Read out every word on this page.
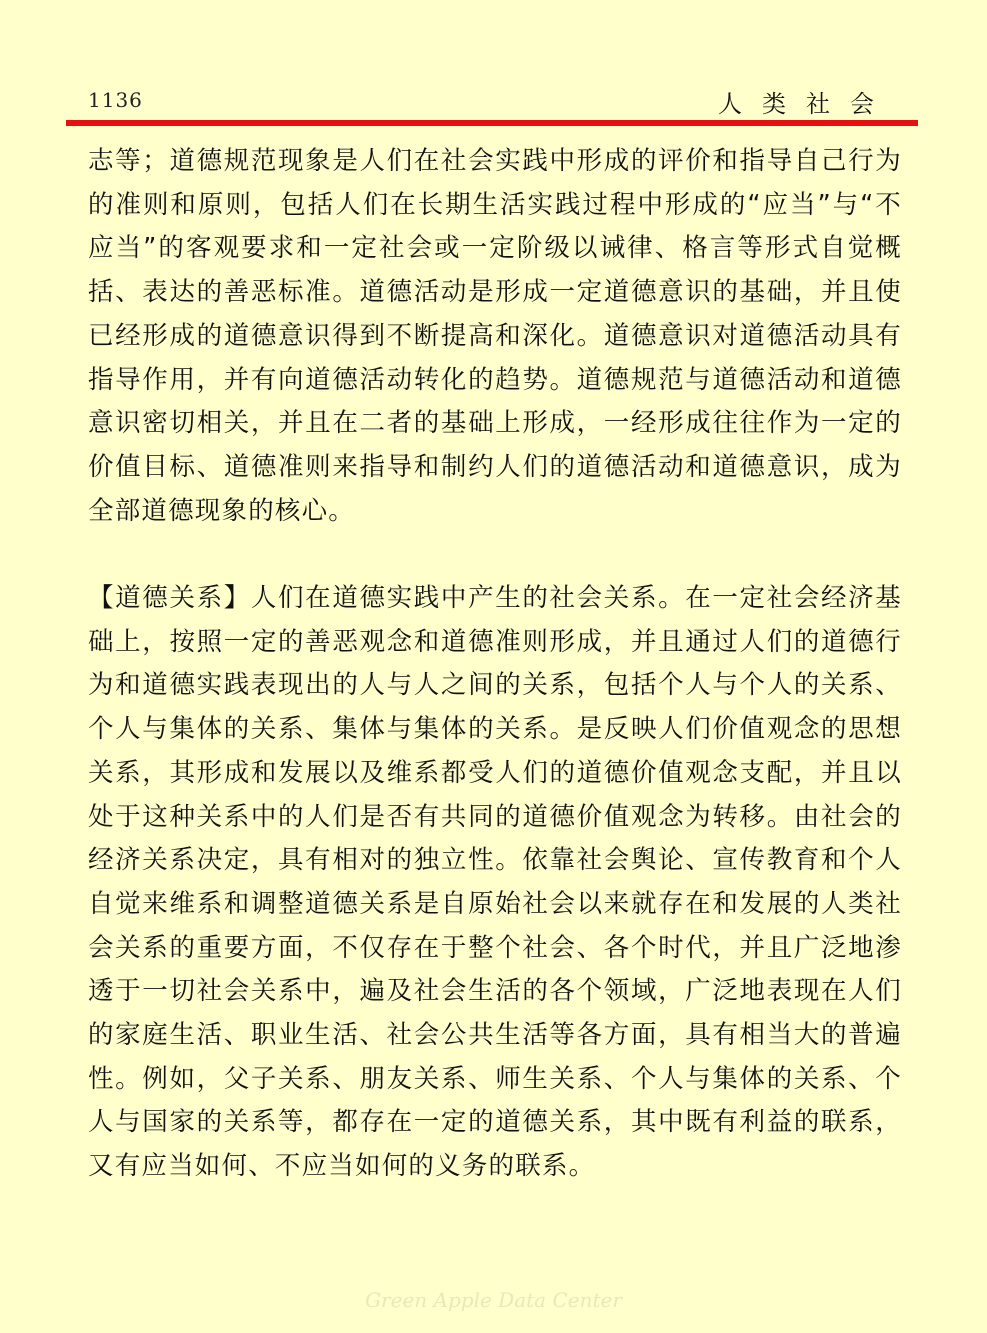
1136	人类社会

志等；道德规范现象是人们在社会实践中形成的评价和指导自己行为的准则和原则，包括人们在长期生活实践过程中形成的“应当”与“不应当”的客观要求和一定社会或一定阶级以诫律、格言等形式自觉概括、表达的善恶标准。道德活动是形成一定道德意识的基础，并且使已经形成的道德意识得到不断提高和深化。道德意识对道德活动具有指导作用，并有向道德活动转化的趋势。道德规范与道德活动和道德意识密切相关，并且在二者的基础上形成，一经形成往往作为一定的价值目标、道德准则来指导和制约人们的道德活动和道德意识，成为全部道德现象的核心。

【道德关系】人们在道德实践中产生的社会关系。在一定社会经济基础上，按照一定的善恶观念和道德准则形成，并且通过人们的道德行为和道德实践表现出的人与人之间的关系，包括个人与个人的关系、个人与集体的关系、集体与集体的关系。是反映人们价值观念的思想关系，其形成和发展以及维系都受人们的道德价值观念支配，并且以处于这种关系中的人们是否有共同的道德价值观念为转移。由社会的经济关系决定，具有相对的独立性。依靠社会舆论、宣传教育和个人自觉来维系和调整道德关系是自原始社会以来就存在和发展的人类社会关系的重要方面，不仅存在于整个社会、各个时代，并且广泛地渗透于一切社会关系中，遍及社会生活的各个领域，广泛地表现在人们的家庭生活、职业生活、社会公共生活等各方面，具有相当大的普遍性。例如，父子关系、朋友关系、师生关系、个人与集体的关系、个人与国家的关系等，都存在一定的道德关系，其中既有利益的联系，又有应当如何、不应当如何的义务的联系。

Green Apple Data Center
